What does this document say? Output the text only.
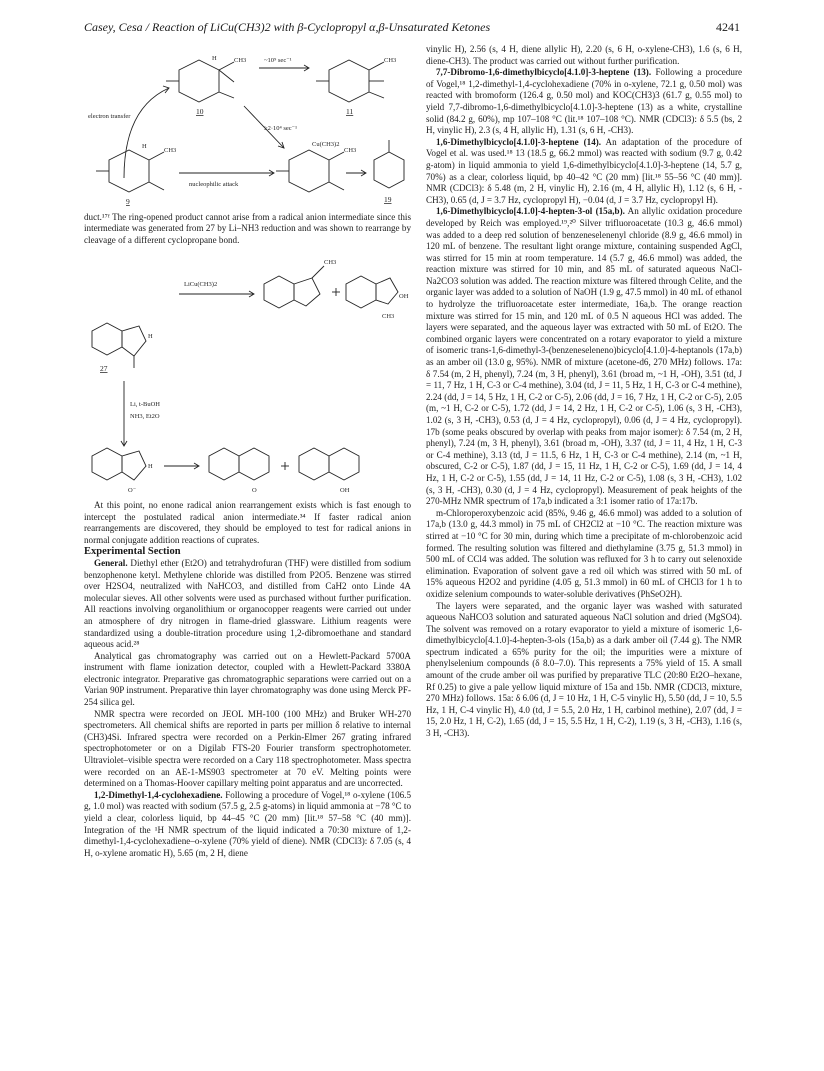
Casey, Cesa / Reaction of LiCu(CH3)2 with β-Cyclopropyl α,β-Unsaturated Ketones	4241
~10⁹ sec⁻¹
≥2·10⁴ sec⁻¹
electron transfer
nucleophilic attack
Cu(CH3)2
10	11
9	19
CH3	CH3
CH3	CH3
H
H

duct.¹⁷ᶠ The ring-opened product cannot arise from a radical anion intermediate since this intermediate was generated from 27 by Li–NH3 reduction and was shown to rearrange by cleavage of a different cyclopropane bond.

LiCu(CH3)2
Li, t-BuOH
NH3, Et2O
27
CH3
CH3
H
H
OH
O⁻	O	OH

At this point, no enone radical anion rearrangement exists which is fast enough to intercept the postulated radical anion intermediate.³⁴ If faster radical anion rearrangements are discovered, they should be employed to test for radical anions in normal conjugate addition reactions of cuprates.

Experimental Section

General. Diethyl ether (Et2O) and tetrahydrofuran (THF) were distilled from sodium benzophenone ketyl. Methylene chloride was distilled from P2O5. Benzene was stirred over H2SO4, neutralized with NaHCO3, and distilled from CaH2 onto Linde 4A molecular sieves. All other solvents were used as purchased without further purification. All reactions involving organolithium or organocopper reagents were carried out under an atmosphere of dry nitrogen in flame-dried glassware. Lithium reagents were standardized using a double-titration procedure using 1,2-dibromoethane and standard aqueous acid.²⁸

Analytical gas chromatography was carried out on a Hewlett-Packard 5700A instrument with flame ionization detector, coupled with a Hewlett-Packard 3380A electronic integrator. Preparative gas chromatographic separations were carried out on a Varian 90P instrument. Preparative thin layer chromatography was done using Merck PF-254 silica gel.

NMR spectra were recorded on JEOL MH-100 (100 MHz) and Bruker WH-270 spectrometers. All chemical shifts are reported in parts per million δ relative to internal (CH3)4Si. Infrared spectra were recorded on a Perkin-Elmer 267 grating infrared spectrophotometer or on a Digilab FTS-20 Fourier transform spectrophotometer. Ultraviolet–visible spectra were recorded on a Cary 118 spectrophotometer. Mass spectra were recorded on an AE-1-MS903 spectrometer at 70 eV. Melting points were determined on a Thomas-Hoover capillary melting point apparatus and are uncorrected.

1,2-Dimethyl-1,4-cyclohexadiene. Following a procedure of Vogel,¹⁸ o-xylene (106.5 g, 1.0 mol) was reacted with sodium (57.5 g, 2.5 g-atoms) in liquid ammonia at −78 °C to yield a clear, colorless liquid, bp 44–45 °C (20 mm) [lit.¹⁸ 57–58 °C (40 mm)]. Integration of the ¹H NMR spectrum of the liquid indicated a 70:30 mixture of 1,2-dimethyl-1,4-cyclohexadiene–o-xylene (70% yield of diene). NMR (CDCl3): δ 7.05 (s, 4 H, o-xylene aromatic H), 5.65 (m, 2 H, diene

vinylic H), 2.56 (s, 4 H, diene allylic H), 2.20 (s, 6 H, o-xylene-CH3), 1.6 (s, 6 H, diene-CH3). The product was carried out without further purification.

7,7-Dibromo-1,6-dimethylbicyclo[4.1.0]-3-heptene (13). Following a procedure of Vogel,¹⁸ 1,2-dimethyl-1,4-cyclohexadiene (70% in o-xylene, 72.1 g, 0.50 mol) was reacted with bromoform (126.4 g, 0.50 mol) and KOC(CH3)3 (61.7 g, 0.55 mol) to yield 7,7-dibromo-1,6-dimethylbicyclo[4.1.0]-3-heptene (13) as a white, crystalline solid (84.2 g, 60%), mp 107–108 °C (lit.¹⁸ 107–108 °C). NMR (CDCl3): δ 5.5 (bs, 2 H, vinylic H), 2.3 (s, 4 H, allylic H), 1.31 (s, 6 H, -CH3).

1,6-Dimethylbicyclo[4.1.0]-3-heptene (14). An adaptation of the procedure of Vogel et al. was used.¹⁸ 13 (18.5 g, 66.2 mmol) was reacted with sodium (9.7 g, 0.42 g-atom) in liquid ammonia to yield 1,6-dimethylbicyclo[4.1.0]-3-heptene (14, 5.7 g, 70%) as a clear, colorless liquid, bp 40–42 °C (20 mm) [lit.¹⁸ 55–56 °C (40 mm)]. NMR (CDCl3): δ 5.48 (m, 2 H, vinylic H), 2.16 (m, 4 H, allylic H), 1.12 (s, 6 H, -CH3), 0.65 (d, J = 3.7 Hz, cyclopropyl H), −0.04 (d, J = 3.7 Hz, cyclopropyl H).

1,6-Dimethylbicyclo[4.1.0]-4-hepten-3-ol (15a,b). An allylic oxidation procedure developed by Reich was employed.¹⁹,²⁰ Silver trifluoroacetate (10.3 g, 46.6 mmol) was added to a deep red solution of benzeneselenenyl chloride (8.9 g, 46.6 mmol) in 120 mL of benzene. The resultant light orange mixture, containing suspended AgCl, was stirred for 15 min at room temperature. 14 (5.7 g, 46.6 mmol) was added, the reaction mixture was stirred for 10 min, and 85 mL of saturated aqueous NaCl-Na2CO3 solution was added. The reaction mixture was filtered through Celite, and the organic layer was added to a solution of NaOH (1.9 g, 47.5 mmol) in 40 mL of ethanol to hydrolyze the trifluoroacetate ester intermediate, 16a,b. The orange reaction mixture was stirred for 15 min, and 120 mL of 0.5 N aqueous HCl was added. The layers were separated, and the aqueous layer was extracted with 50 mL of Et2O. The combined organic layers were concentrated on a rotary evaporator to yield a mixture of isomeric trans-1,6-dimethyl-3-(benzeneseleneno)bicyclo[4.1.0]-4-heptanols (17a,b) as an amber oil (13.0 g, 95%). NMR of mixture (acetone-d6, 270 MHz) follows. 17a: δ 7.54 (m, 2 H, phenyl), 7.24 (m, 3 H, phenyl), 3.61 (broad m, ~1 H, -OH), 3.51 (td, J = 11, 7 Hz, 1 H, C-3 or C-4 methine), 3.04 (td, J = 11, 5 Hz, 1 H, C-3 or C-4 methine), 2.24 (dd, J = 14, 5 Hz, 1 H, C-2 or C-5), 2.06 (dd, J = 16, 7 Hz, 1 H, C-2 or C-5), 2.05 (m, ~1 H, C-2 or C-5), 1.72 (dd, J = 14, 2 Hz, 1 H, C-2 or C-5), 1.06 (s, 3 H, -CH3), 1.02 (s, 3 H, -CH3), 0.53 (d, J = 4 Hz, cyclopropyl), 0.06 (d, J = 4 Hz, cyclopropyl). 17b (some peaks obscured by overlap with peaks from major isomer): δ 7.54 (m, 2 H, phenyl), 7.24 (m, 3 H, phenyl), 3.61 (broad m, -OH), 3.37 (td, J = 11, 4 Hz, 1 H, C-3 or C-4 methine), 3.13 (td, J = 11.5, 6 Hz, 1 H, C-3 or C-4 methine), 2.14 (m, ~1 H, obscured, C-2 or C-5), 1.87 (dd, J = 15, 11 Hz, 1 H, C-2 or C-5), 1.69 (dd, J = 14, 4 Hz, 1 H, C-2 or C-5), 1.55 (dd, J = 14, 11 Hz, C-2 or C-5), 1.08 (s, 3 H, -CH3), 1.02 (s, 3 H, -CH3), 0.30 (d, J = 4 Hz, cyclopropyl). Measurement of peak heights of the 270-MHz NMR spectrum of 17a,b indicated a 3:1 isomer ratio of 17a:17b.

m-Chloroperoxybenzoic acid (85%, 9.46 g, 46.6 mmol) was added to a solution of 17a,b (13.0 g, 44.3 mmol) in 75 mL of CH2Cl2 at −10 °C. The reaction mixture was stirred at −10 °C for 30 min, during which time a precipitate of m-chlorobenzoic acid formed. The resulting solution was filtered and diethylamine (3.75 g, 51.3 mmol) in 500 mL of CCl4 was added. The solution was refluxed for 3 h to carry out selenoxide elimination. Evaporation of solvent gave a red oil which was stirred with 50 mL of 15% aqueous H2O2 and pyridine (4.05 g, 51.3 mmol) in 60 mL of CHCl3 for 1 h to oxidize selenium compounds to water-soluble derivatives (PhSeO2H).

The layers were separated, and the organic layer was washed with saturated aqueous NaHCO3 solution and saturated aqueous NaCl solution and dried (MgSO4). The solvent was removed on a rotary evaporator to yield a mixture of isomeric 1,6-dimethylbicyclo[4.1.0]-4-hepten-3-ols (15a,b) as a dark amber oil (7.44 g). The NMR spectrum indicated a 65% purity for the oil; the impurities were a mixture of phenylselenium compounds (δ 8.0–7.0). This represents a 75% yield of 15. A small amount of the crude amber oil was purified by preparative TLC (20:80 Et2O–hexane, Rf 0.25) to give a pale yellow liquid mixture of 15a and 15b. NMR (CDCl3, mixture, 270 MHz) follows. 15a: δ 6.06 (d, J = 10 Hz, 1 H, C-5 vinylic H), 5.50 (dd, J = 10, 5.5 Hz, 1 H, C-4 vinylic H), 4.0 (td, J = 5.5, 2.0 Hz, 1 H, carbinol methine), 2.07 (dd, J = 15, 2.0 Hz, 1 H, C-2), 1.65 (dd, J = 15, 5.5 Hz, 1 H, C-2), 1.19 (s, 3 H, -CH3), 1.16 (s, 3 H, -CH3).
